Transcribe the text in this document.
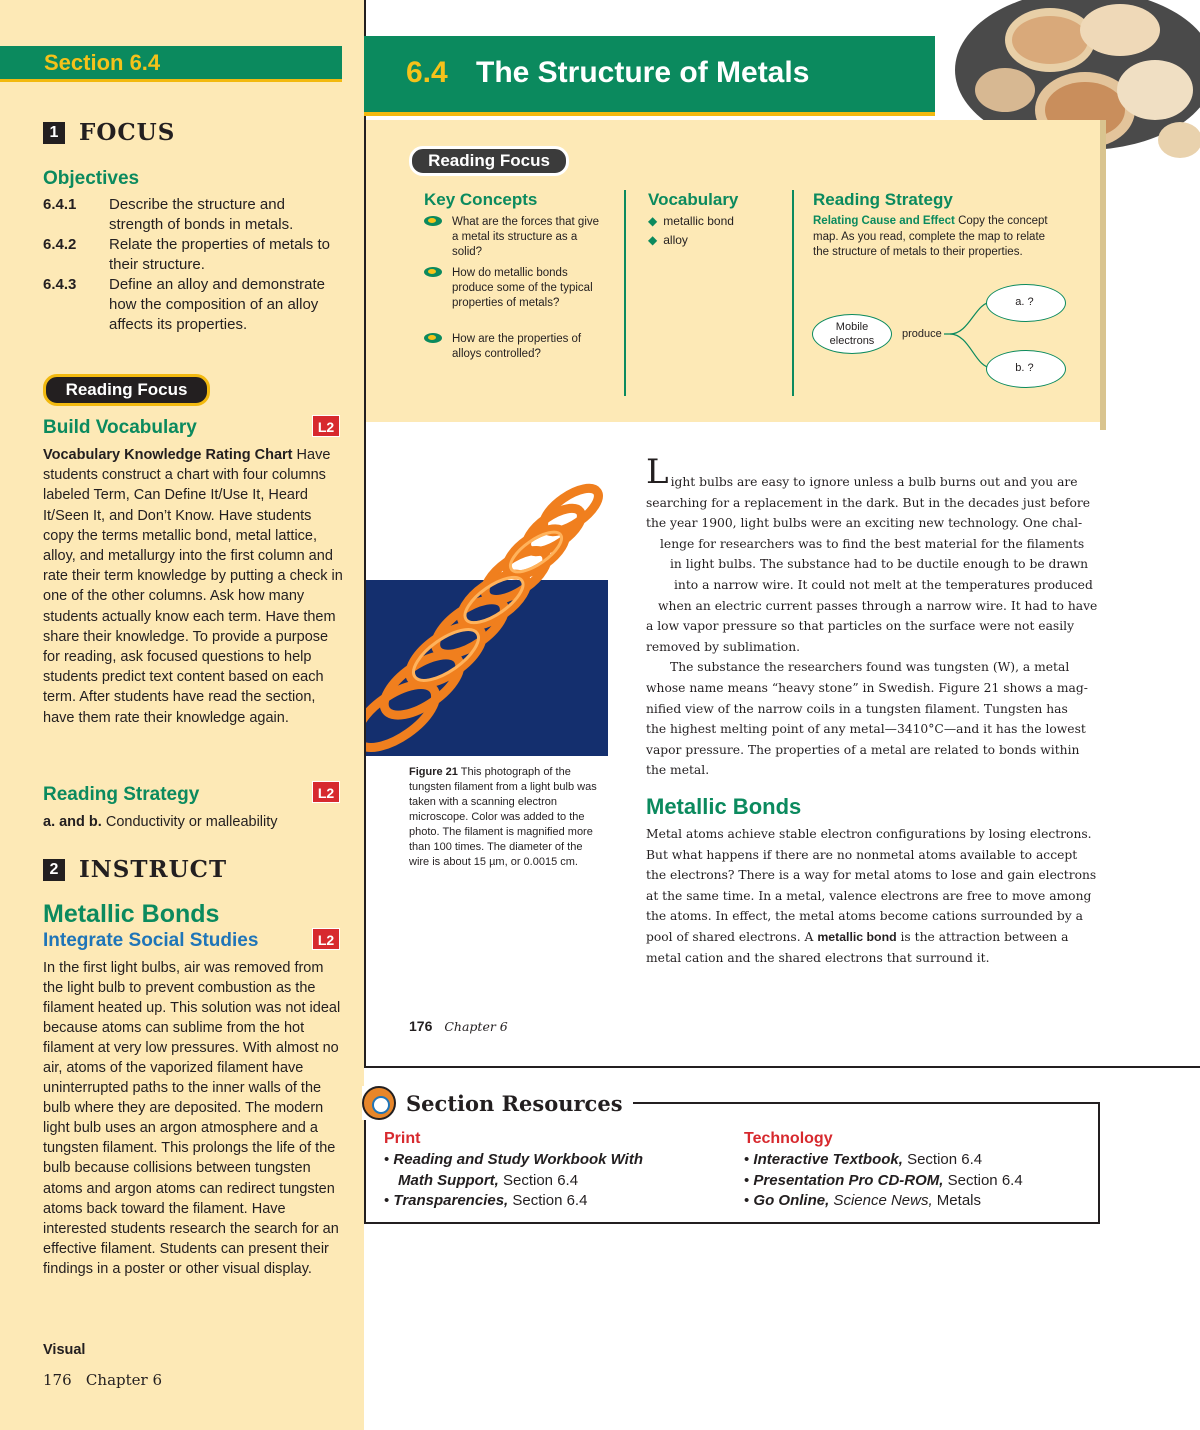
Section 6.4
1 FOCUS
Objectives
6.4.1 Describe the structure and strength of bonds in metals.
6.4.2 Relate the properties of metals to their structure.
6.4.3 Define an alloy and demonstrate how the composition of an alloy affects its properties.
Reading Focus
Build Vocabulary	L2
Vocabulary Knowledge Rating Chart Have students construct a chart with four columns labeled Term, Can Define It/Use It, Heard It/Seen It, and Don’t Know. Have students copy the terms metallic bond, metal lattice, alloy, and metallurgy into the first column and rate their term knowledge by putting a check in one of the other columns. Ask how many students actually know each term. Have them share their knowledge. To provide a purpose for reading, ask focused questions to help students predict text content based on each term. After students have read the section, have them rate their knowledge again.
Reading Strategy	L2
a. and b. Conductivity or malleability
2 INSTRUCT
Metallic Bonds
Integrate Social Studies	L2
In the first light bulbs, air was removed from the light bulb to prevent combustion as the filament heated up. This solution was not ideal because atoms can sublime from the hot filament at very low pressures. With almost no air, atoms of the vaporized filament have uninterrupted paths to the inner walls of the bulb where they are deposited. The modern light bulb uses an argon atmosphere and a tungsten filament. This prolongs the life of the bulb because collisions between tungsten atoms and argon atoms can redirect tungsten atoms back toward the filament. Have interested students research the search for an effective filament. Students can present their findings in a poster or other visual display.
Visual
176   Chapter 6
6.4 The Structure of Metals
Reading Focus
Key Concepts
What are the forces that give a metal its structure as a solid?
How do metallic bonds produce some of the typical properties of metals?
How are the properties of alloys controlled?
Vocabulary
◆ metallic bond
◆ alloy
Reading Strategy
Relating Cause and Effect Copy the concept map. As you read, complete the map to relate the structure of metals to their properties.
Mobile electrons
produce
a. ?
b. ?
Figure 21 This photograph of the tungsten filament from a light bulb was taken with a scanning electron microscope. Color was added to the photo. The filament is magnified more than 100 times. The diameter of the wire is about 15 µm, or 0.0015 cm.
L ight bulbs are easy to ignore unless a bulb burns out and you are
searching for a replacement in the dark. But in the decades just before
the year 1900, light bulbs were an exciting new technology. One chal-
lenge for researchers was to find the best material for the filaments
in light bulbs. The substance had to be ductile enough to be drawn
into a narrow wire. It could not melt at the temperatures produced
when an electric current passes through a narrow wire. It had to have
a low vapor pressure so that particles on the surface were not easily
removed by sublimation.
The substance the researchers found was tungsten (W), a metal
whose name means “heavy stone” in Swedish. Figure 21 shows a mag-
nified view of the narrow coils in a tungsten filament. Tungsten has
the highest melting point of any metal—3410°C—and it has the lowest
vapor pressure. The properties of a metal are related to bonds within
the metal.
Metallic Bonds
Metal atoms achieve stable electron configurations by losing electrons.
But what happens if there are no nonmetal atoms available to accept
the electrons? There is a way for metal atoms to lose and gain electrons
at the same time. In a metal, valence electrons are free to move among
the atoms. In effect, the metal atoms become cations surrounded by a
pool of shared electrons. A metallic bond is the attraction between a
metal cation and the shared electrons that surround it.
176 Chapter 6
Section Resources
Print
• Reading and Study Workbook With
Math Support, Section 6.4
• Transparencies, Section 6.4
Technology
• Interactive Textbook, Section 6.4
• Presentation Pro CD-ROM, Section 6.4
• Go Online, Science News, Metals
